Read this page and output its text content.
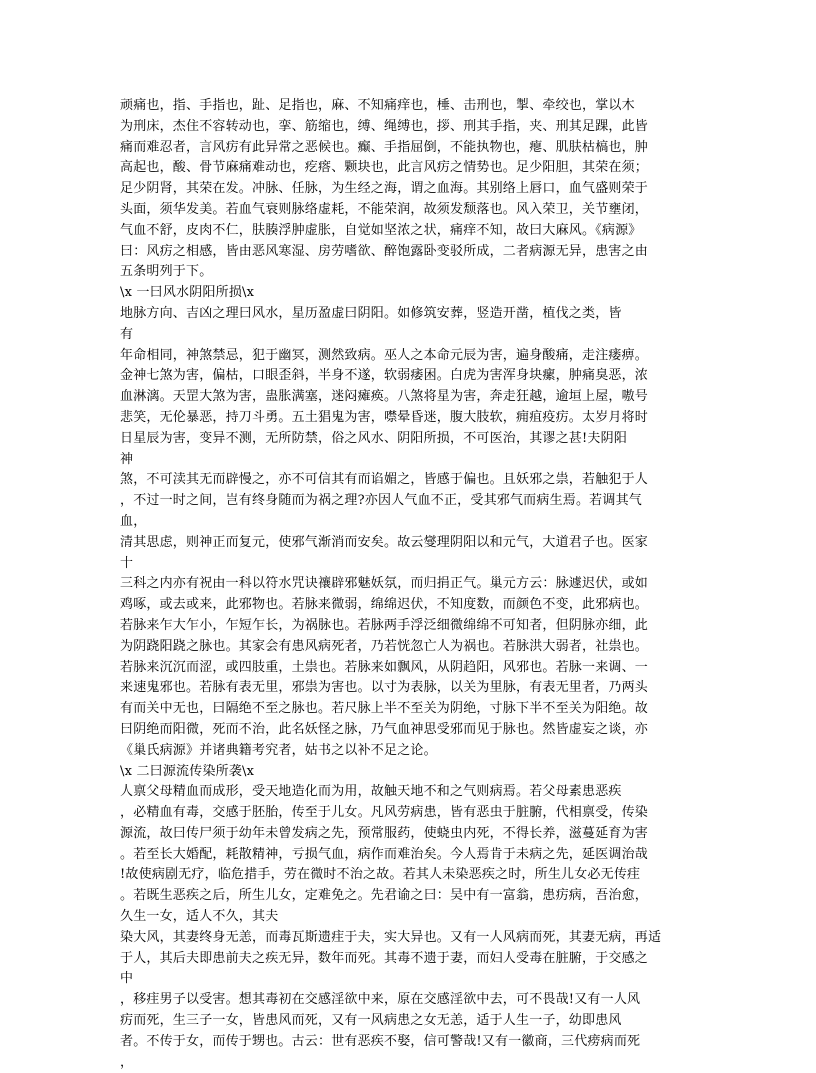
顽痛也，指、手指也，趾、足指也，麻、不知痛痒也，棰、击刑也，掣、牵绞也，掌以木
为刑床，杰住不容转动也，挛、筋缩也，缚、绳缚也，拶、刑其手指，夹、刑其足踝，此皆
痛而难忍者，言风疠有此异常之恶候也。癫、手指屈倒，不能执物也，瘪、肌肤枯槁也，肿
高起也，酸、骨节麻痛难动也，疙瘩、颗块也，此言风疠之情势也。足少阳胆，其荣在须；
足少阴肾，其荣在发。冲脉、任脉，为生经之海，谓之血海。其别络上唇口，血气盛则荣于
头面，须华发美。若血气衰则脉络虚耗，不能荣润，故须发颓落也。风入荣卫，关节壅闭，
气血不舒，皮肉不仁，肤腠浮肿虚胀，自觉如坚浓之状，痛痒不知，故曰大麻风。《病源》
曰：风疠之相感，皆由恶风寒湿、房劳嗜欲、醉饱露卧变驳所成，二者病源无异，患害之由
五条明列于下。
\x 一曰风水阴阳所损\x
地脉方向、吉凶之理曰风水，星历盈虚曰阴阳。如修筑安葬，竖造开凿，植伐之类，皆
有
年命相同，神煞禁忌，犯于幽冥，测然致病。巫人之本命元辰为害，遍身酸痛，走注瘘痹。
金神七煞为害，偏枯，口眼歪斜，半身不遂，软弱痿困。白虎为害浑身块瘰，肿痛臭恶，浓
血淋漓。天罡大煞为害，蛊胀满塞，迷闷瘫痪。八煞将星为害，奔走狂越，逾垣上屋，嗷号
悲笑，无伦暴恶，持刀斗勇。五土猖鬼为害，噤晕昏迷，腹大肢软，痈疽疫疠。太岁月将时
日星辰为害，变异不测，无所防禁，俗之风水、阴阳所损，不可医治，其谬之甚!夫阴阳
神
煞，不可渎其无而辟慢之，亦不可信其有而谄媚之，皆感于偏也。且妖邪之祟，若触犯于人
，不过一时之间，岂有终身随而为祸之理?亦因人气血不正，受其邪气而病生焉。若调其气
血，
清其思虑，则神正而复元，使邪气渐消而安矣。故云燮理阴阳以和元气，大道君子也。医家
十
三科之内亦有祝由一科以符水咒诀禳辟邪魅妖氛，而归捐正气。巢元方云：脉遽迟伏，或如
鸡啄，或去或来，此邪物也。若脉来微弱，绵绵迟伏，不知度数，而颜色不变，此邪病也。
若脉来乍大乍小，乍短乍长，为祸脉也。若脉两手浮泛细微绵绵不可知者，但阴脉亦细，此
为阴跷阳跷之脉也。其家会有患风病死者，乃若恍忽亡人为祸也。若脉洪大弱者，社祟也。
若脉来沉沉而涩，或四肢重，土祟也。若脉来如飘风，从阴趋阳，风邪也。若脉一来调、一
来速鬼邪也。若脉有表无里，邪祟为害也。以寸为表脉，以关为里脉，有表无里者，乃两头
有而关中无也，曰隔绝不至之脉也。若尺脉上半不至关为阴绝，寸脉下半不至关为阳绝。故
曰阴绝而阳微，死而不治，此名妖怪之脉，乃气血神思受邪而见于脉也。然皆虚妄之谈，亦
《巢氏病源》并诸典籍考究者，姑书之以补不足之论。
\x 二曰源流传染所袭\x
人禀父母精血而成形，受天地造化而为用，故触天地不和之气则病焉。若父母素患恶疾
，必精血有毒，交感于胚胎，传至于儿女。凡风劳病患，皆有恶虫于脏腑，代相禀受，传染
源流，故曰传尸须于幼年未曾发病之先，预常服药，使蛲虫内死，不得长养，滋蔓延育为害
。若至长大婚配，耗散精神，亏损气血，病作而难治矣。今人焉肯于未病之先，延医调治哉
!故使病剧无疗，临危措手，劳在微时不治之故。若其人未染恶疾之时，所生儿女必无传疰
。若既生恶疾之后，所生儿女，定难免之。先君谕之曰：吴中有一富翁，患疠病，吾治愈，
久生一女，适人不久，其夫
染大风，其妻终身无恙，而毒瓦斯遗疰于夫，实大异也。又有一人风病而死，其妻无病，再适
于人，其后夫即患前夫之疾无异，数年而死。其毒不遗于妻，而妇人受毒在脏腑，于交感之
中
，移疰男子以受害。想其毒初在交感淫欲中来，原在交感淫欲中去，可不畏哉!又有一人风
疠而死，生三子一女，皆患风而死，又有一风病患之女无恙，适于人生一子，幼即患风
者。不传于女，而传于甥也。古云：世有恶疾不娶，信可警哉!又有一徽商，三代痨病而死
，
